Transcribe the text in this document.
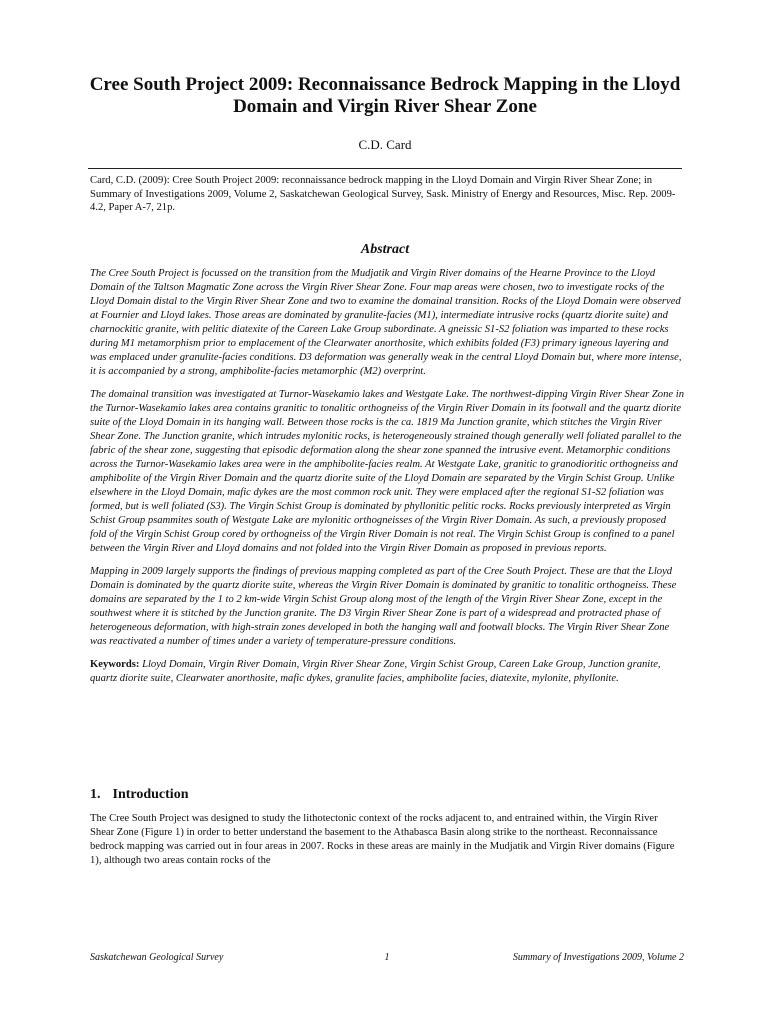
Cree South Project 2009: Reconnaissance Bedrock Mapping in the Lloyd Domain and Virgin River Shear Zone

C.D. Card

Card, C.D. (2009): Cree South Project 2009: reconnaissance bedrock mapping in the Lloyd Domain and Virgin River Shear Zone; in Summary of Investigations 2009, Volume 2, Saskatchewan Geological Survey, Sask. Ministry of Energy and Resources, Misc. Rep. 2009-4.2, Paper A-7, 21p.

Abstract

The Cree South Project is focussed on the transition from the Mudjatik and Virgin River domains of the Hearne Province to the Lloyd Domain of the Taltson Magmatic Zone across the Virgin River Shear Zone. Four map areas were chosen, two to investigate rocks of the Lloyd Domain distal to the Virgin River Shear Zone and two to examine the domainal transition. Rocks of the Lloyd Domain were observed at Fournier and Lloyd lakes. Those areas are dominated by granulite-facies (M1), intermediate intrusive rocks (quartz diorite suite) and charnockitic granite, with pelitic diatexite of the Careen Lake Group subordinate. A gneissic S1-S2 foliation was imparted to these rocks during M1 metamorphism prior to emplacement of the Clearwater anorthosite, which exhibits folded (F3) primary igneous layering and was emplaced under granulite-facies conditions. D3 deformation was generally weak in the central Lloyd Domain but, where more intense, it is accompanied by a strong, amphibolite-facies metamorphic (M2) overprint.

The domainal transition was investigated at Turnor-Wasekamio lakes and Westgate Lake. The northwest-dipping Virgin River Shear Zone in the Turnor-Wasekamio lakes area contains granitic to tonalitic orthogneiss of the Virgin River Domain in its footwall and the quartz diorite suite of the Lloyd Domain in its hanging wall. Between those rocks is the ca. 1819 Ma Junction granite, which stitches the Virgin River Shear Zone. The Junction granite, which intrudes mylonitic rocks, is heterogeneously strained though generally well foliated parallel to the fabric of the shear zone, suggesting that episodic deformation along the shear zone spanned the intrusive event. Metamorphic conditions across the Turnor-Wasekamio lakes area were in the amphibolite-facies realm. At Westgate Lake, granitic to granodioritic orthogneiss and amphibolite of the Virgin River Domain and the quartz diorite suite of the Lloyd Domain are separated by the Virgin Schist Group. Unlike elsewhere in the Lloyd Domain, mafic dykes are the most common rock unit. They were emplaced after the regional S1-S2 foliation was formed, but is well foliated (S3). The Virgin Schist Group is dominated by phyllonitic pelitic rocks. Rocks previously interpreted as Virgin Schist Group psammites south of Westgate Lake are mylonitic orthogneisses of the Virgin River Domain. As such, a previously proposed fold of the Virgin Schist Group cored by orthogneiss of the Virgin River Domain is not real. The Virgin Schist Group is confined to a panel between the Virgin River and Lloyd domains and not folded into the Virgin River Domain as proposed in previous reports.

Mapping in 2009 largely supports the findings of previous mapping completed as part of the Cree South Project. These are that the Lloyd Domain is dominated by the quartz diorite suite, whereas the Virgin River Domain is dominated by granitic to tonalitic orthogneiss. These domains are separated by the 1 to 2 km-wide Virgin Schist Group along most of the length of the Virgin River Shear Zone, except in the southwest where it is stitched by the Junction granite. The D3 Virgin River Shear Zone is part of a widespread and protracted phase of heterogeneous deformation, with high-strain zones developed in both the hanging wall and footwall blocks. The Virgin River Shear Zone was reactivated a number of times under a variety of temperature-pressure conditions.

Keywords: Lloyd Domain, Virgin River Domain, Virgin River Shear Zone, Virgin Schist Group, Careen Lake Group, Junction granite, quartz diorite suite, Clearwater anorthosite, mafic dykes, granulite facies, amphibolite facies, diatexite, mylonite, phyllonite.

1. Introduction

The Cree South Project was designed to study the lithotectonic context of the rocks adjacent to, and entrained within, the Virgin River Shear Zone (Figure 1) in order to better understand the basement to the Athabasca Basin along strike to the northeast. Reconnaissance bedrock mapping was carried out in four areas in 2007. Rocks in these areas are mainly in the Mudjatik and Virgin River domains (Figure 1), although two areas contain rocks of the

Saskatchewan Geological Survey	1	Summary of Investigations 2009, Volume 2
